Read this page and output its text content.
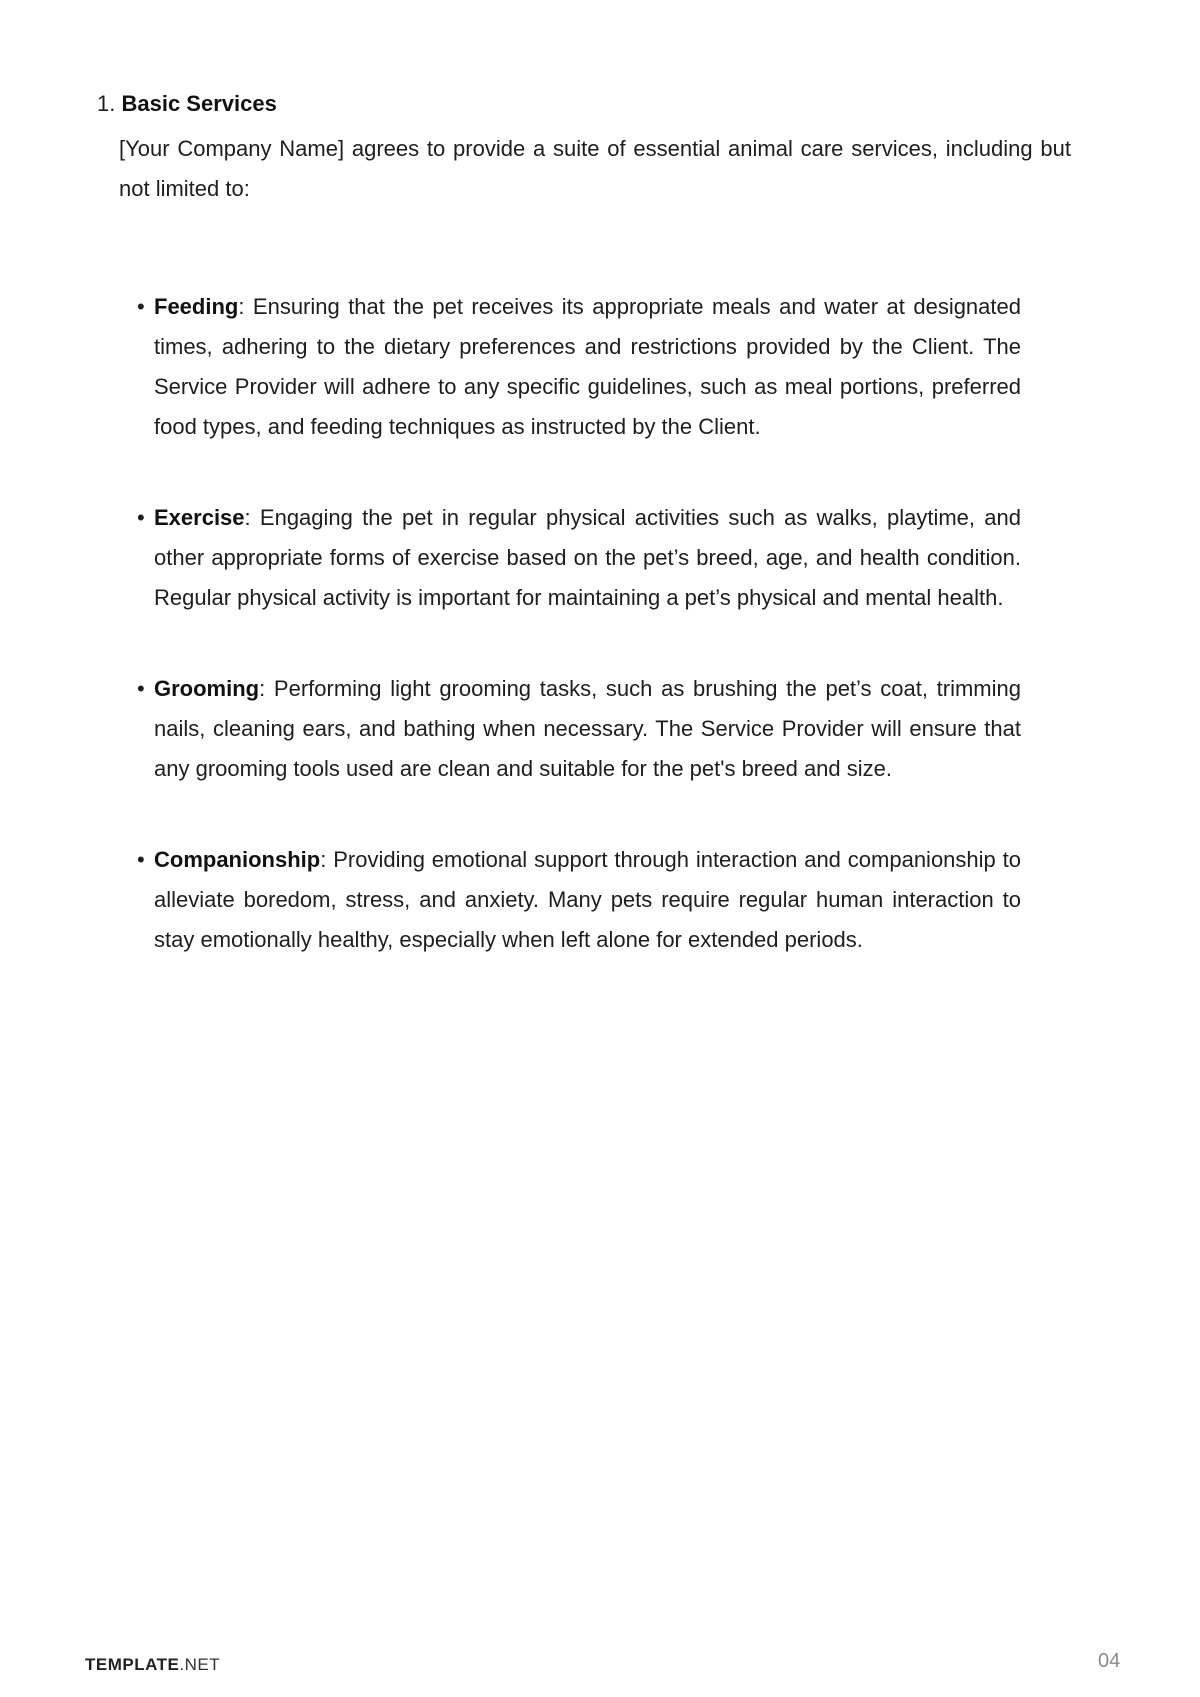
1. Basic Services

[Your Company Name] agrees to provide a suite of essential animal care services, including but not limited to:

• Feeding: Ensuring that the pet receives its appropriate meals and water at designated times, adhering to the dietary preferences and restrictions provided by the Client. The Service Provider will adhere to any specific guidelines, such as meal portions, preferred food types, and feeding techniques as instructed by the Client.
• Exercise: Engaging the pet in regular physical activities such as walks, playtime, and other appropriate forms of exercise based on the pet’s breed, age, and health condition. Regular physical activity is important for maintaining a pet’s physical and mental health.
• Grooming: Performing light grooming tasks, such as brushing the pet’s coat, trimming nails, cleaning ears, and bathing when necessary. The Service Provider will ensure that any grooming tools used are clean and suitable for the pet's breed and size.
• Companionship: Providing emotional support through interaction and companionship to alleviate boredom, stress, and anxiety. Many pets require regular human interaction to stay emotionally healthy, especially when left alone for extended periods.
TEMPLATE.NET	04
